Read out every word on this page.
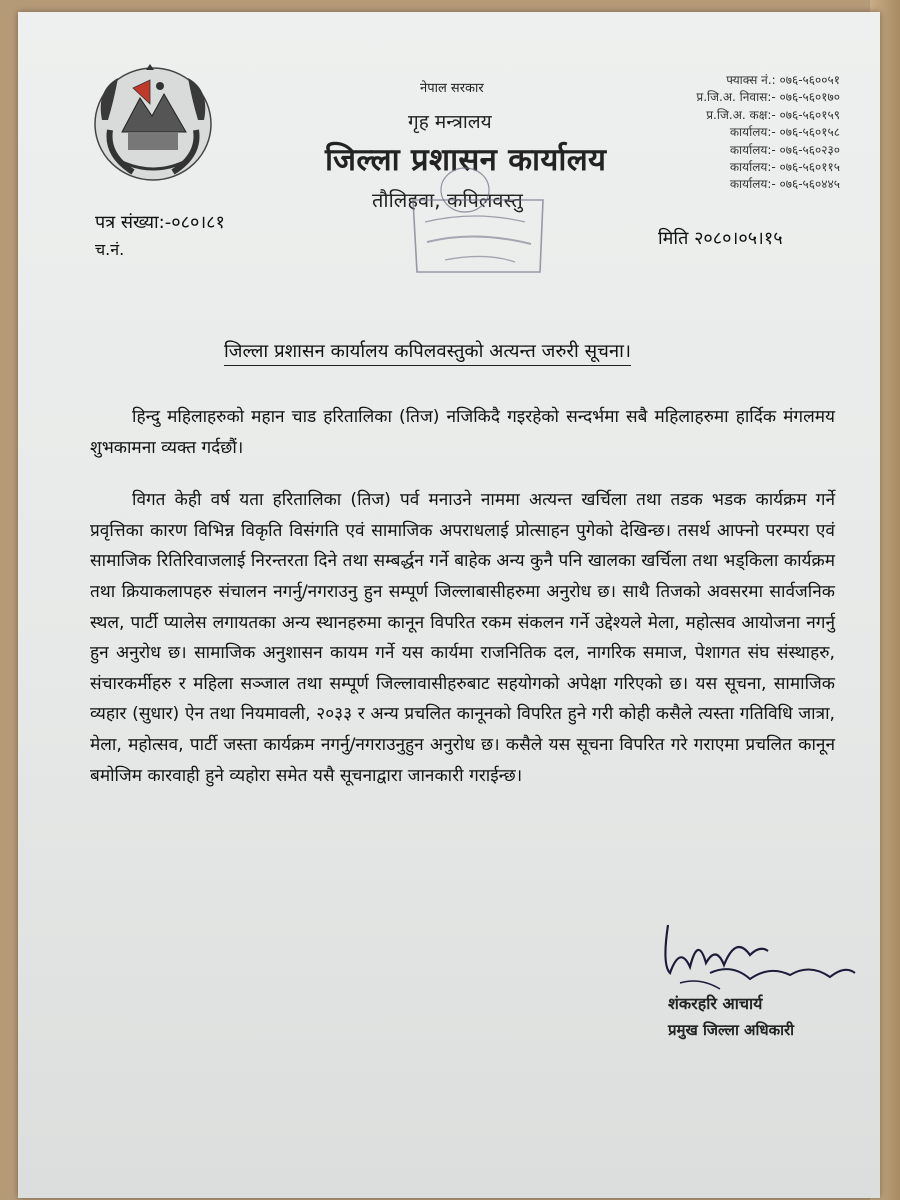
नेपाल सरकार
गृह मन्त्रालय
जिल्ला प्रशासन कार्यालय
तौलिहवा, कपिलवस्तु
फ्याक्स नं.: ०७६-५६००५१
प्र.जि.अ. निवास:- ०७६-५६०१७०
प्र.जि.अ. कक्ष:- ०७६-५६०१५९
कार्यालय:- ०७६-५६०१५८
कार्यालय:- ०७६-५६०२३०
कार्यालय:- ०७६-५६०११५
कार्यालय:- ०७६-५६०४४५
पत्र संख्या:-०८०।८१
च.नं.
मिति २०८०।०५।१५
जिल्ला प्रशासन कार्यालय कपिलवस्तुको अत्यन्त जरुरी सूचना।

हिन्दु महिलाहरुको महान चाड हरितालिका (तिज) नजिकिदै गइरहेको सन्दर्भमा सबै महिलाहरुमा हार्दिक मंगलमय शुभकामना व्यक्त गर्दछौं।

विगत केही वर्ष यता हरितालिका (तिज) पर्व मनाउने नाममा अत्यन्त खर्चिला तथा तडक भडक कार्यक्रम गर्ने प्रवृत्तिका कारण विभिन्न विकृति विसंगति एवं सामाजिक अपराधलाई प्रोत्साहन पुगेको देखिन्छ। तसर्थ आफ्नो परम्परा एवं सामाजिक रितिरिवाजलाई निरन्तरता दिने तथा सम्बर्द्धन गर्ने बाहेक अन्य कुनै पनि खालका खर्चिला तथा भड्किला कार्यक्रम तथा क्रियाकलापहरु संचालन नगर्नु/नगराउनु हुन सम्पूर्ण जिल्लाबासीहरुमा अनुरोध छ। साथै तिजको अवसरमा सार्वजनिक स्थल, पार्टी प्यालेस लगायतका अन्य स्थानहरुमा कानून विपरित रकम संकलन गर्ने उद्देश्यले मेला, महोत्सव आयोजना नगर्नु हुन अनुरोध छ। सामाजिक अनुशासन कायम गर्ने यस कार्यमा राजनितिक दल, नागरिक समाज, पेशागत संघ संस्थाहरु, संचारकर्मीहरु र महिला सञ्जाल तथा सम्पूर्ण जिल्लावासीहरुबाट सहयोगको अपेक्षा गरिएको छ। यस सूचना, सामाजिक व्यहार (सुधार) ऐन तथा नियमावली, २०३३ र अन्य प्रचलित कानूनको विपरित हुने गरी कोही कसैले त्यस्ता गतिविधि जात्रा, मेला, महोत्सव, पार्टी जस्ता कार्यक्रम नगर्नु/नगराउनुहुन अनुरोध छ। कसैले यस सूचना विपरित गरे गराएमा प्रचलित कानून बमोजिम कारवाही हुने व्यहोरा समेत यसै सूचनाद्वारा जानकारी गराईन्छ।

शंकरहरि आचार्य
प्रमुख जिल्ला अधिकारी
